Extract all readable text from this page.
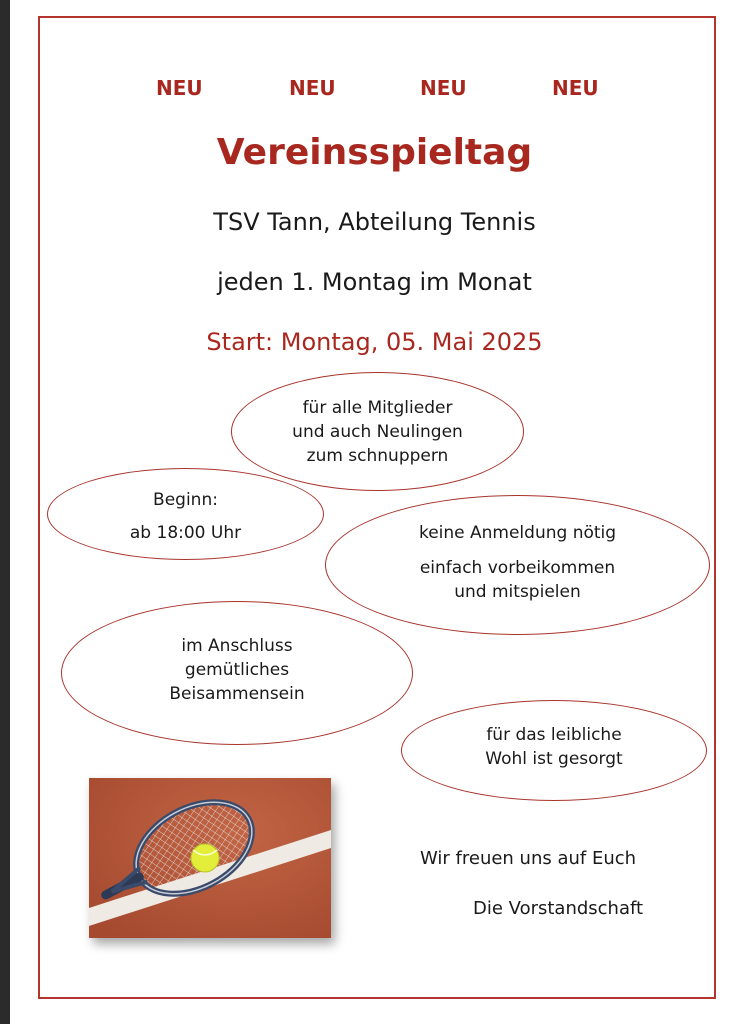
NEU	NEU	NEU	NEU
Vereinsspieltag
TSV Tann, Abteilung Tennis
jeden 1. Montag im Monat
Start: Montag, 05. Mai 2025
für alle Mitglieder
und auch Neulingen
zum schnuppern
Beginn:
ab 18:00 Uhr	keine Anmeldung nötig
einfach vorbeikommen
und mitspielen
im Anschluss
gemütliches
Beisammensein
für das leibliche
Wohl ist gesorgt
Wir freuen uns auf Euch
Die Vorstandschaft
